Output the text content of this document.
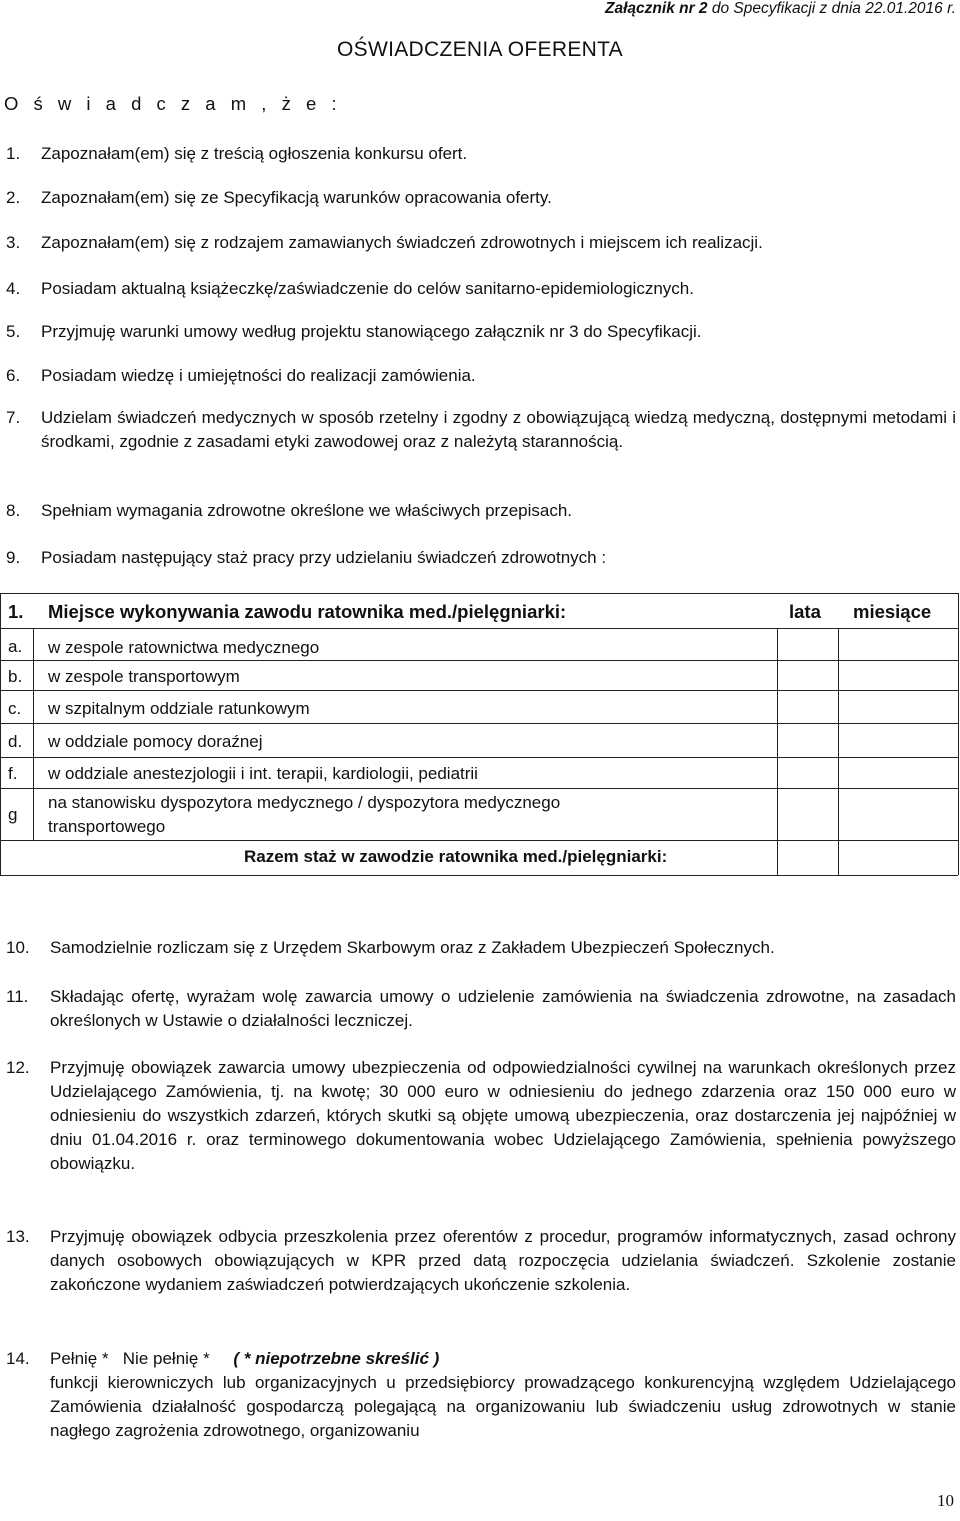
Załącznik nr 2 do Specyfikacji z dnia 22.01.2016 r.
OŚWIADCZENIA OFERENTA
O ś w i a d c z a m , ż e :
1. Zapoznałam(em) się z treścią ogłoszenia konkursu ofert.
2. Zapoznałam(em) się ze Specyfikacją warunków opracowania oferty.
3. Zapoznałam(em) się z rodzajem zamawianych świadczeń zdrowotnych i miejscem ich realizacji.
4. Posiadam aktualną książeczkę/zaświadczenie do celów sanitarno-epidemiologicznych.
5. Przyjmuję warunki umowy według projektu stanowiącego załącznik nr 3 do Specyfikacji.
6. Posiadam wiedzę i umiejętności do realizacji zamówienia.
7. Udzielam świadczeń medycznych w sposób rzetelny i zgodny z obowiązującą wiedzą medyczną, dostępnymi metodami i środkami, zgodnie z zasadami etyki zawodowej oraz z należytą starannością.
8. Spełniam wymagania zdrowotne określone we właściwych przepisach.
9. Posiadam następujący staż pracy przy udzielaniu świadczeń zdrowotnych :
1. Miejsce wykonywania zawodu ratownika med./pielęgniarki:	lata miesiące
a. w zespole ratownictwa medycznego
b. w zespole transportowym
c. w szpitalnym oddziale ratunkowym
d. w oddziale pomocy doraźnej
f. w oddziale anestezjologii i int. terapii, kardiologii, pediatrii
g
na stanowisku dyspozytora medycznego / dyspozytora medycznego
transportowego
Razem staż w zawodzie ratownika med./pielęgniarki:
10. Samodzielnie rozliczam się z Urzędem Skarbowym oraz z Zakładem Ubezpieczeń Społecznych.
11. Składając ofertę, wyrażam wolę zawarcia umowy o udzielenie zamówienia na świadczenia zdrowotne, na zasadach określonych w Ustawie o działalności leczniczej.
12. Przyjmuję obowiązek zawarcia umowy ubezpieczenia od odpowiedzialności cywilnej na warunkach określonych przez Udzielającego Zamówienia, tj. na kwotę; 30 000 euro w odniesieniu do jednego zdarzenia oraz 150 000 euro w odniesieniu do wszystkich zdarzeń, których skutki są objęte umową ubezpieczenia, oraz dostarczenia jej najpóźniej w dniu 01.04.2016 r. oraz terminowego dokumentowania wobec Udzielającego Zamówienia, spełnienia powyższego obowiązku.
13. Przyjmuję obowiązek odbycia przeszkolenia przez oferentów z procedur, programów informatycznych, zasad ochrony danych osobowych obowiązujących w KPR przed datą rozpoczęcia udzielania świadczeń. Szkolenie zostanie zakończone wydaniem zaświadczeń potwierdzających ukończenie szkolenia.
14. Pełnię * Nie pełnię * ( * niepotrzebne skreślić )
funkcji kierowniczych lub organizacyjnych u przedsiębiorcy prowadzącego konkurencyjną względem Udzielającego Zamówienia działalność gospodarczą polegającą na organizowaniu lub świadczeniu usług zdrowotnych w stanie nagłego zagrożenia zdrowotnego, organizowaniu
10
